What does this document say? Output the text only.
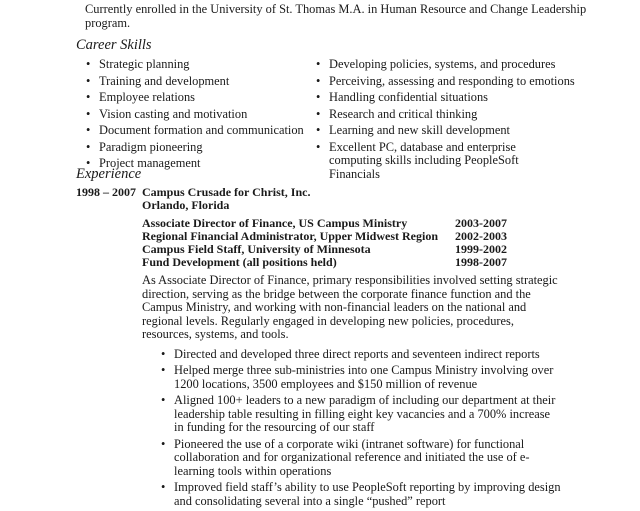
Currently enrolled in the University of St. Thomas M.A. in Human Resource and Change Leadership
program.
Career Skills
• Strategic planning
• Training and development
• Employee relations
• Vision casting and motivation
• Document formation and communication
• Paradigm pioneering
• Project management
• Developing policies, systems, and procedures
• Perceiving, assessing and responding to emotions
• Handling confidential situations
• Research and critical thinking
• Learning and new skill development
• Excellent PC, database and enterprise computing skills including PeopleSoft Financials
Experience
1998 – 2007 Campus Crusade for Christ, Inc.
Orlando, Florida
Associate Director of Finance, US Campus Ministry	2003-2007
Regional Financial Administrator, Upper Midwest Region 2002-2003
Campus Field Staff, University of Minnesota	1999-2002
Fund Development (all positions held)	1998-2007
As Associate Director of Finance, primary responsibilities involved setting strategic direction, serving as the bridge between the corporate finance function and the Campus Ministry, and working with non-financial leaders on the national and regional levels. Regularly engaged in developing new policies, procedures, resources, systems, and tools.
• Directed and developed three direct reports and seventeen indirect reports
• Helped merge three sub-ministries into one Campus Ministry involving over 1200 locations, 3500 employees and $150 million of revenue
• Aligned 100+ leaders to a new paradigm of including our department at their leadership table resulting in filling eight key vacancies and a 700% increase in funding for the resourcing of our staff
• Pioneered the use of a corporate wiki (intranet software) for functional collaboration and for organizational reference and initiated the use of e-learning tools within operations
• Improved field staff’s ability to use PeopleSoft reporting by improving design and consolidating several into a single “pushed” report
